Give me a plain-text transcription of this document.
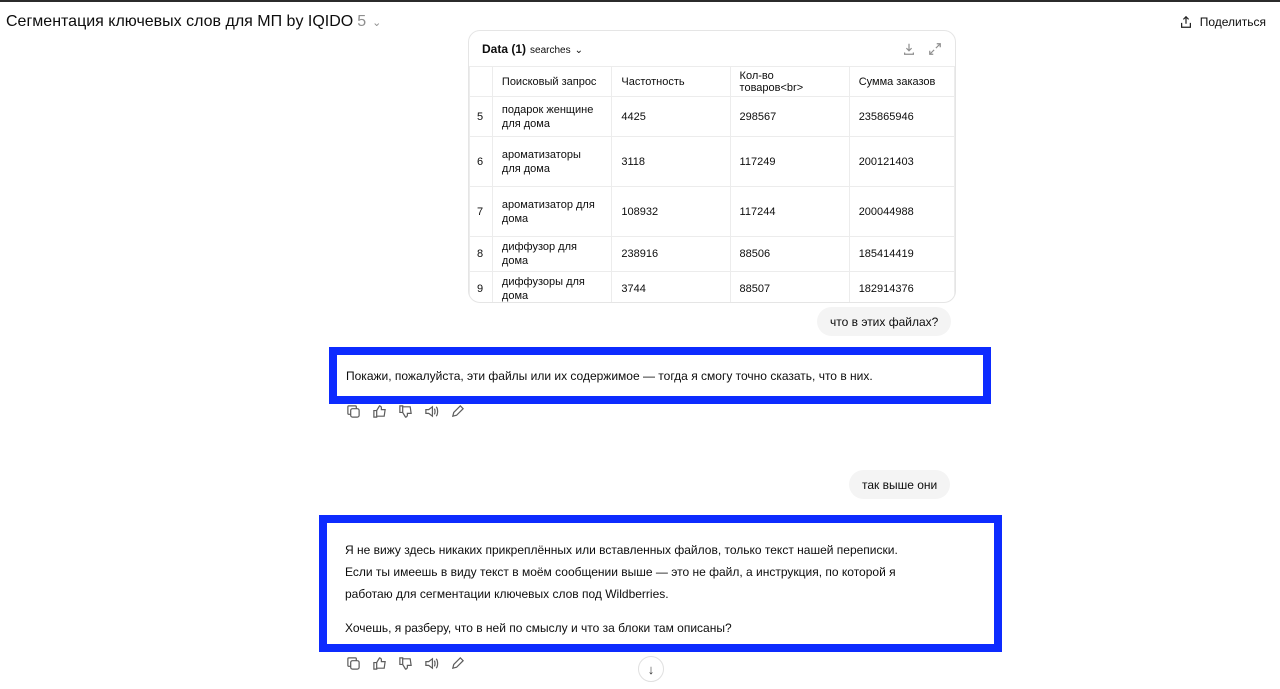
Сегментация ключевых слов для МП by IQIDO 5 ⌄	Поделиться
Data (1) searches ⌄
	Поисковый запрос	Частотность	Кол-во товаров<br>	Сумма заказов
5	подарок женщине для дома	4425	298567	235865946
6	ароматизаторы для дома	3118	117249	200121403
7	ароматизатор для дома	108932	117244	200044988
8	диффузор для дома	238916	88506	185414419
9	диффузоры для дома	3744	88507	182914376
что в этих файлах?
Покажи, пожалуйста, эти файлы или их содержимое — тогда я смогу точно сказать, что в них.
так выше они
Я не вижу здесь никаких прикреплённых или вставленных файлов, только текст нашей переписки.
Если ты имеешь в виду текст в моём сообщении выше — это не файл, а инструкция, по которой я
работаю для сегментации ключевых слов под Wildberries.
Хочешь, я разберу, что в ней по смыслу и что за блоки там описаны?
↓
